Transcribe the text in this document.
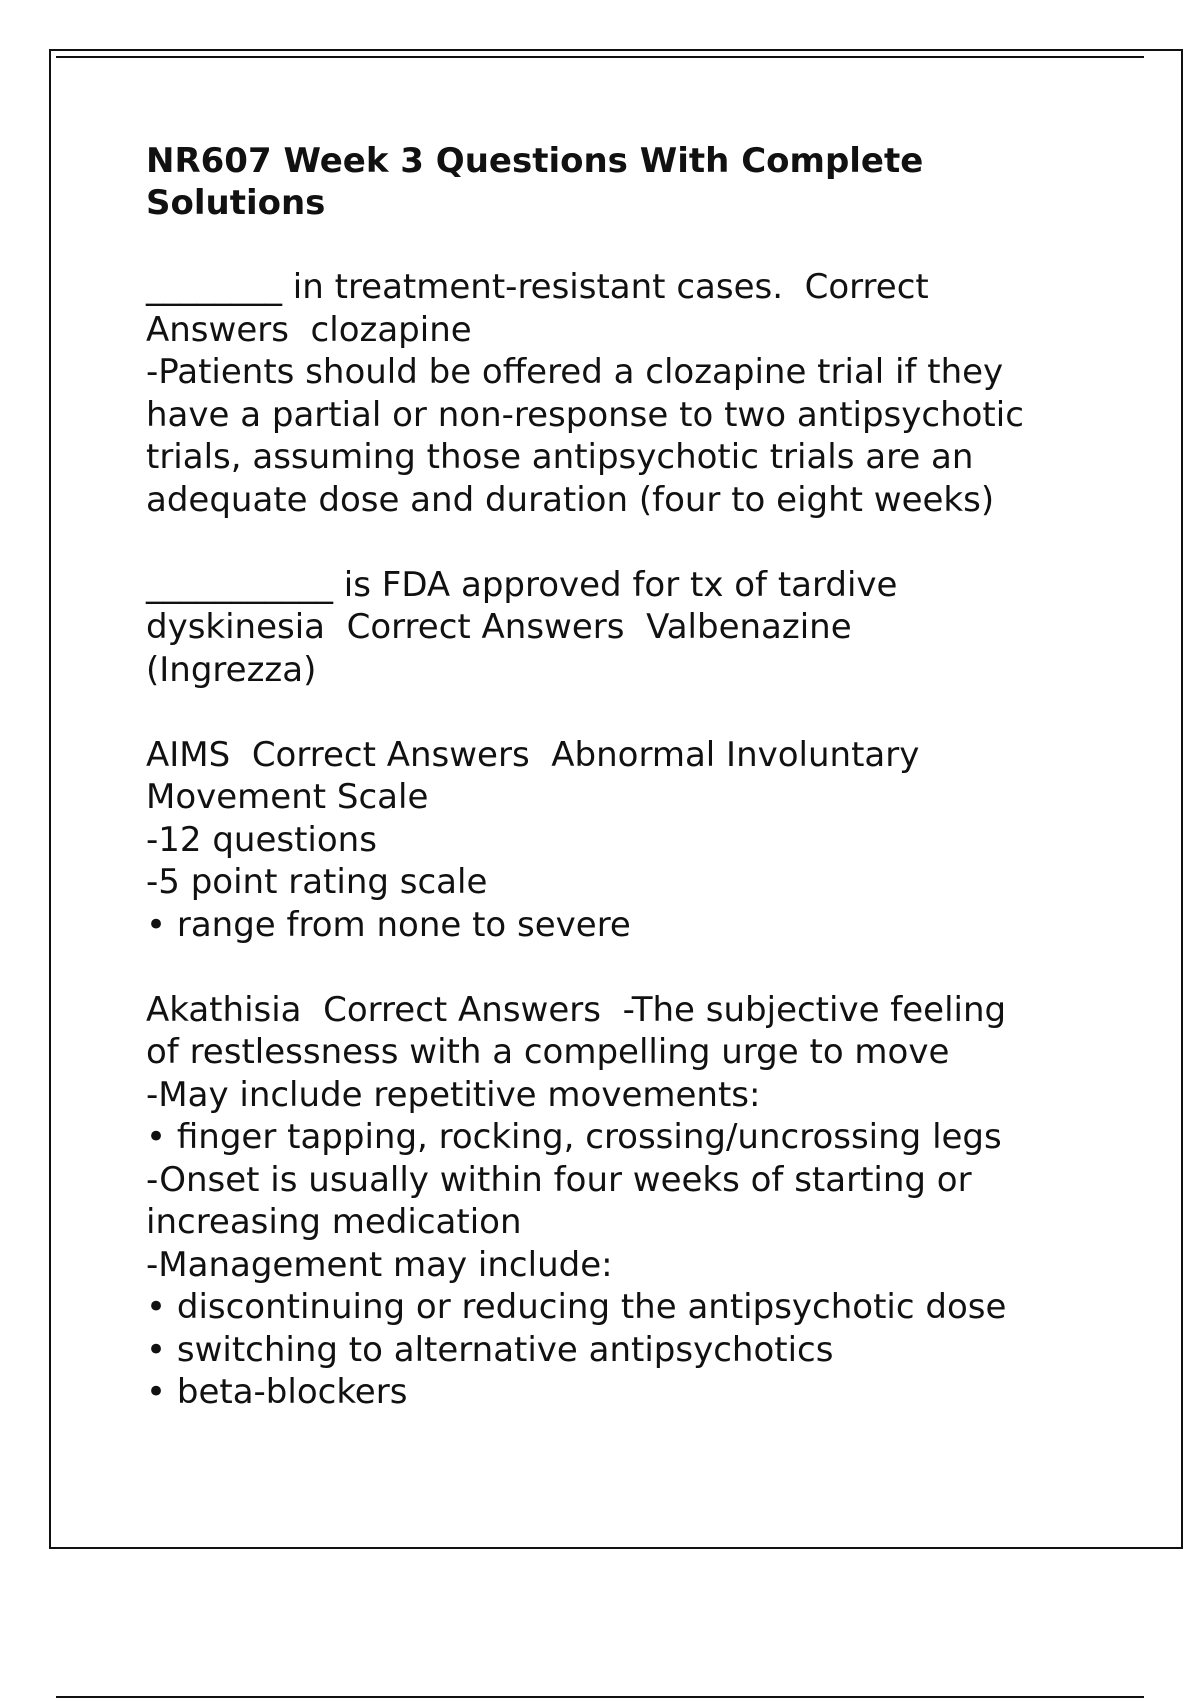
NR607 Week 3 Questions With Complete
Solutions
________ in treatment-resistant cases.  Correct
Answers  clozapine
-Patients should be offered a clozapine trial if they
have a partial or non-response to two antipsychotic
trials, assuming those antipsychotic trials are an
adequate dose and duration (four to eight weeks)
___________ is FDA approved for tx of tardive
dyskinesia  Correct Answers  Valbenazine
(Ingrezza)
AIMS  Correct Answers  Abnormal Involuntary
Movement Scale
-12 questions
-5 point rating scale
• range from none to severe
Akathisia  Correct Answers  -The subjective feeling
of restlessness with a compelling urge to move
-May include repetitive movements:
• finger tapping, rocking, crossing/uncrossing legs
-Onset is usually within four weeks of starting or
increasing medication
-Management may include:
• discontinuing or reducing the antipsychotic dose
• switching to alternative antipsychotics
• beta-blockers
